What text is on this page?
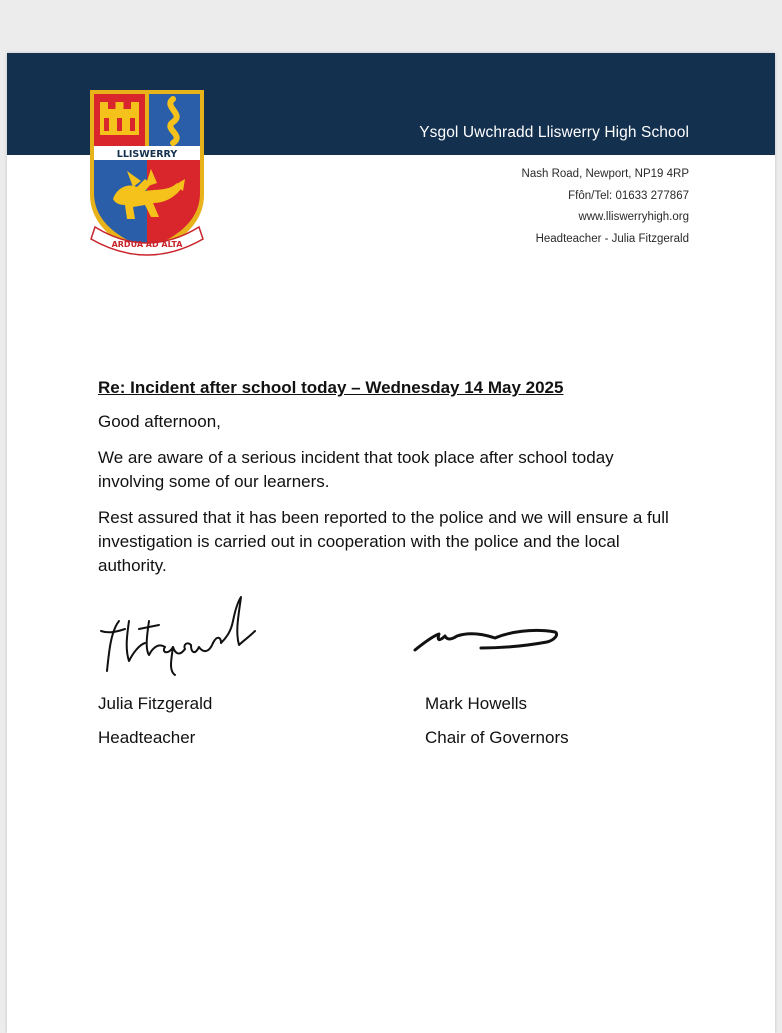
Ysgol Uwchradd Lliswerry High School
LLISWERRY
ARDUA AD ALTA
Nash Road, Newport, NP19 4RP
Ffôn/Tel: 01633 277867
www.lliswerryhigh.org
Headteacher - Julia Fitzgerald
Re: Incident after school today – Wednesday 14 May 2025
Good afternoon,
We are aware of a serious incident that took place after school today involving some of our learners.
Rest assured that it has been reported to the police and we will ensure a full investigation is carried out in cooperation with the police and the local authority.
Julia Fitzgerald
Headteacher
Mark Howells
Chair of Governors
